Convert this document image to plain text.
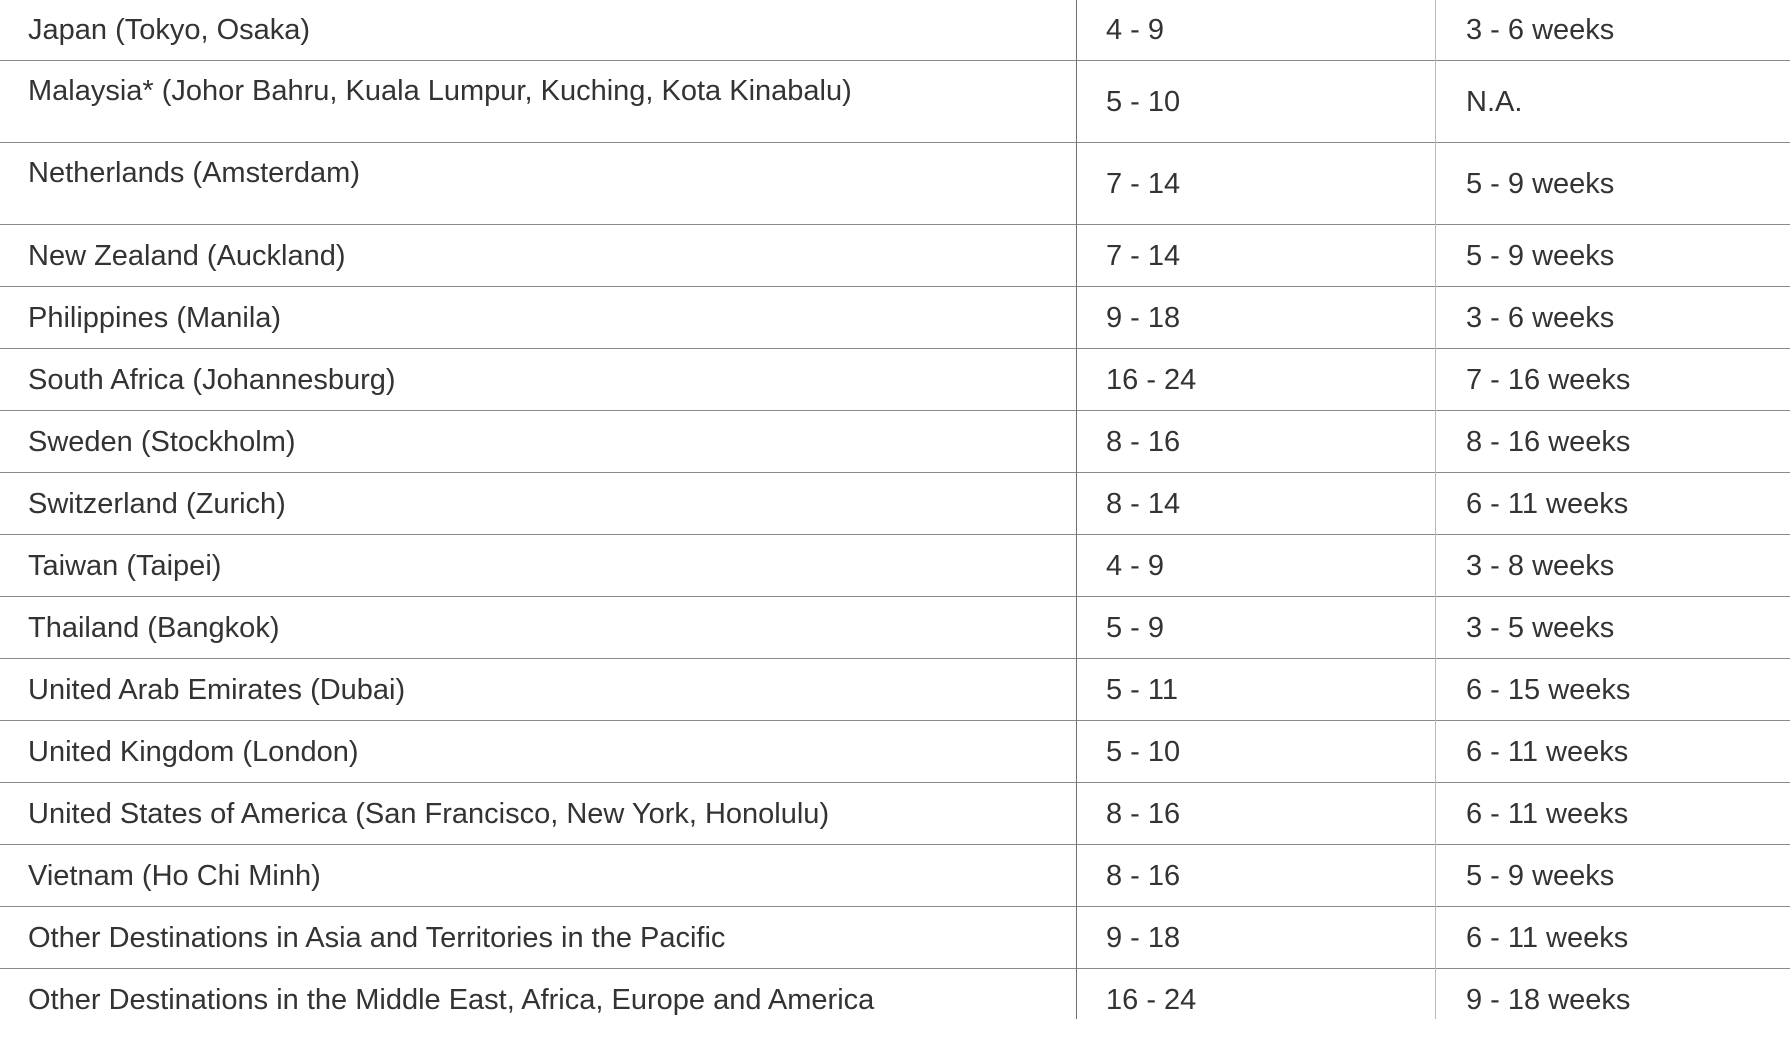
Japan (Tokyo, Osaka)	4 - 9	3 - 6 weeks
Malaysia* (Johor Bahru, Kuala Lumpur, Kuching, Kota Kinabalu)	5 - 10	N.A.
Netherlands (Amsterdam)	7 - 14	5 - 9 weeks
New Zealand (Auckland)	7 - 14	5 - 9 weeks
Philippines (Manila)	9 - 18	3 - 6 weeks
South Africa (Johannesburg)	16 - 24	7 - 16 weeks
Sweden (Stockholm)	8 - 16	8 - 16 weeks
Switzerland (Zurich)	8 - 14	6 - 11 weeks
Taiwan (Taipei)	4 - 9	3 - 8 weeks
Thailand (Bangkok)	5 - 9	3 - 5 weeks
United Arab Emirates (Dubai)	5 - 11	6 - 15 weeks
United Kingdom (London)	5 - 10	6 - 11 weeks
United States of America (San Francisco, New York, Honolulu)	8 - 16	6 - 11 weeks
Vietnam (Ho Chi Minh)	8 - 16	5 - 9 weeks
Other Destinations in Asia and Territories in the Pacific	9 - 18	6 - 11 weeks
Other Destinations in the Middle East, Africa, Europe and America	16 - 24	9 - 18 weeks
